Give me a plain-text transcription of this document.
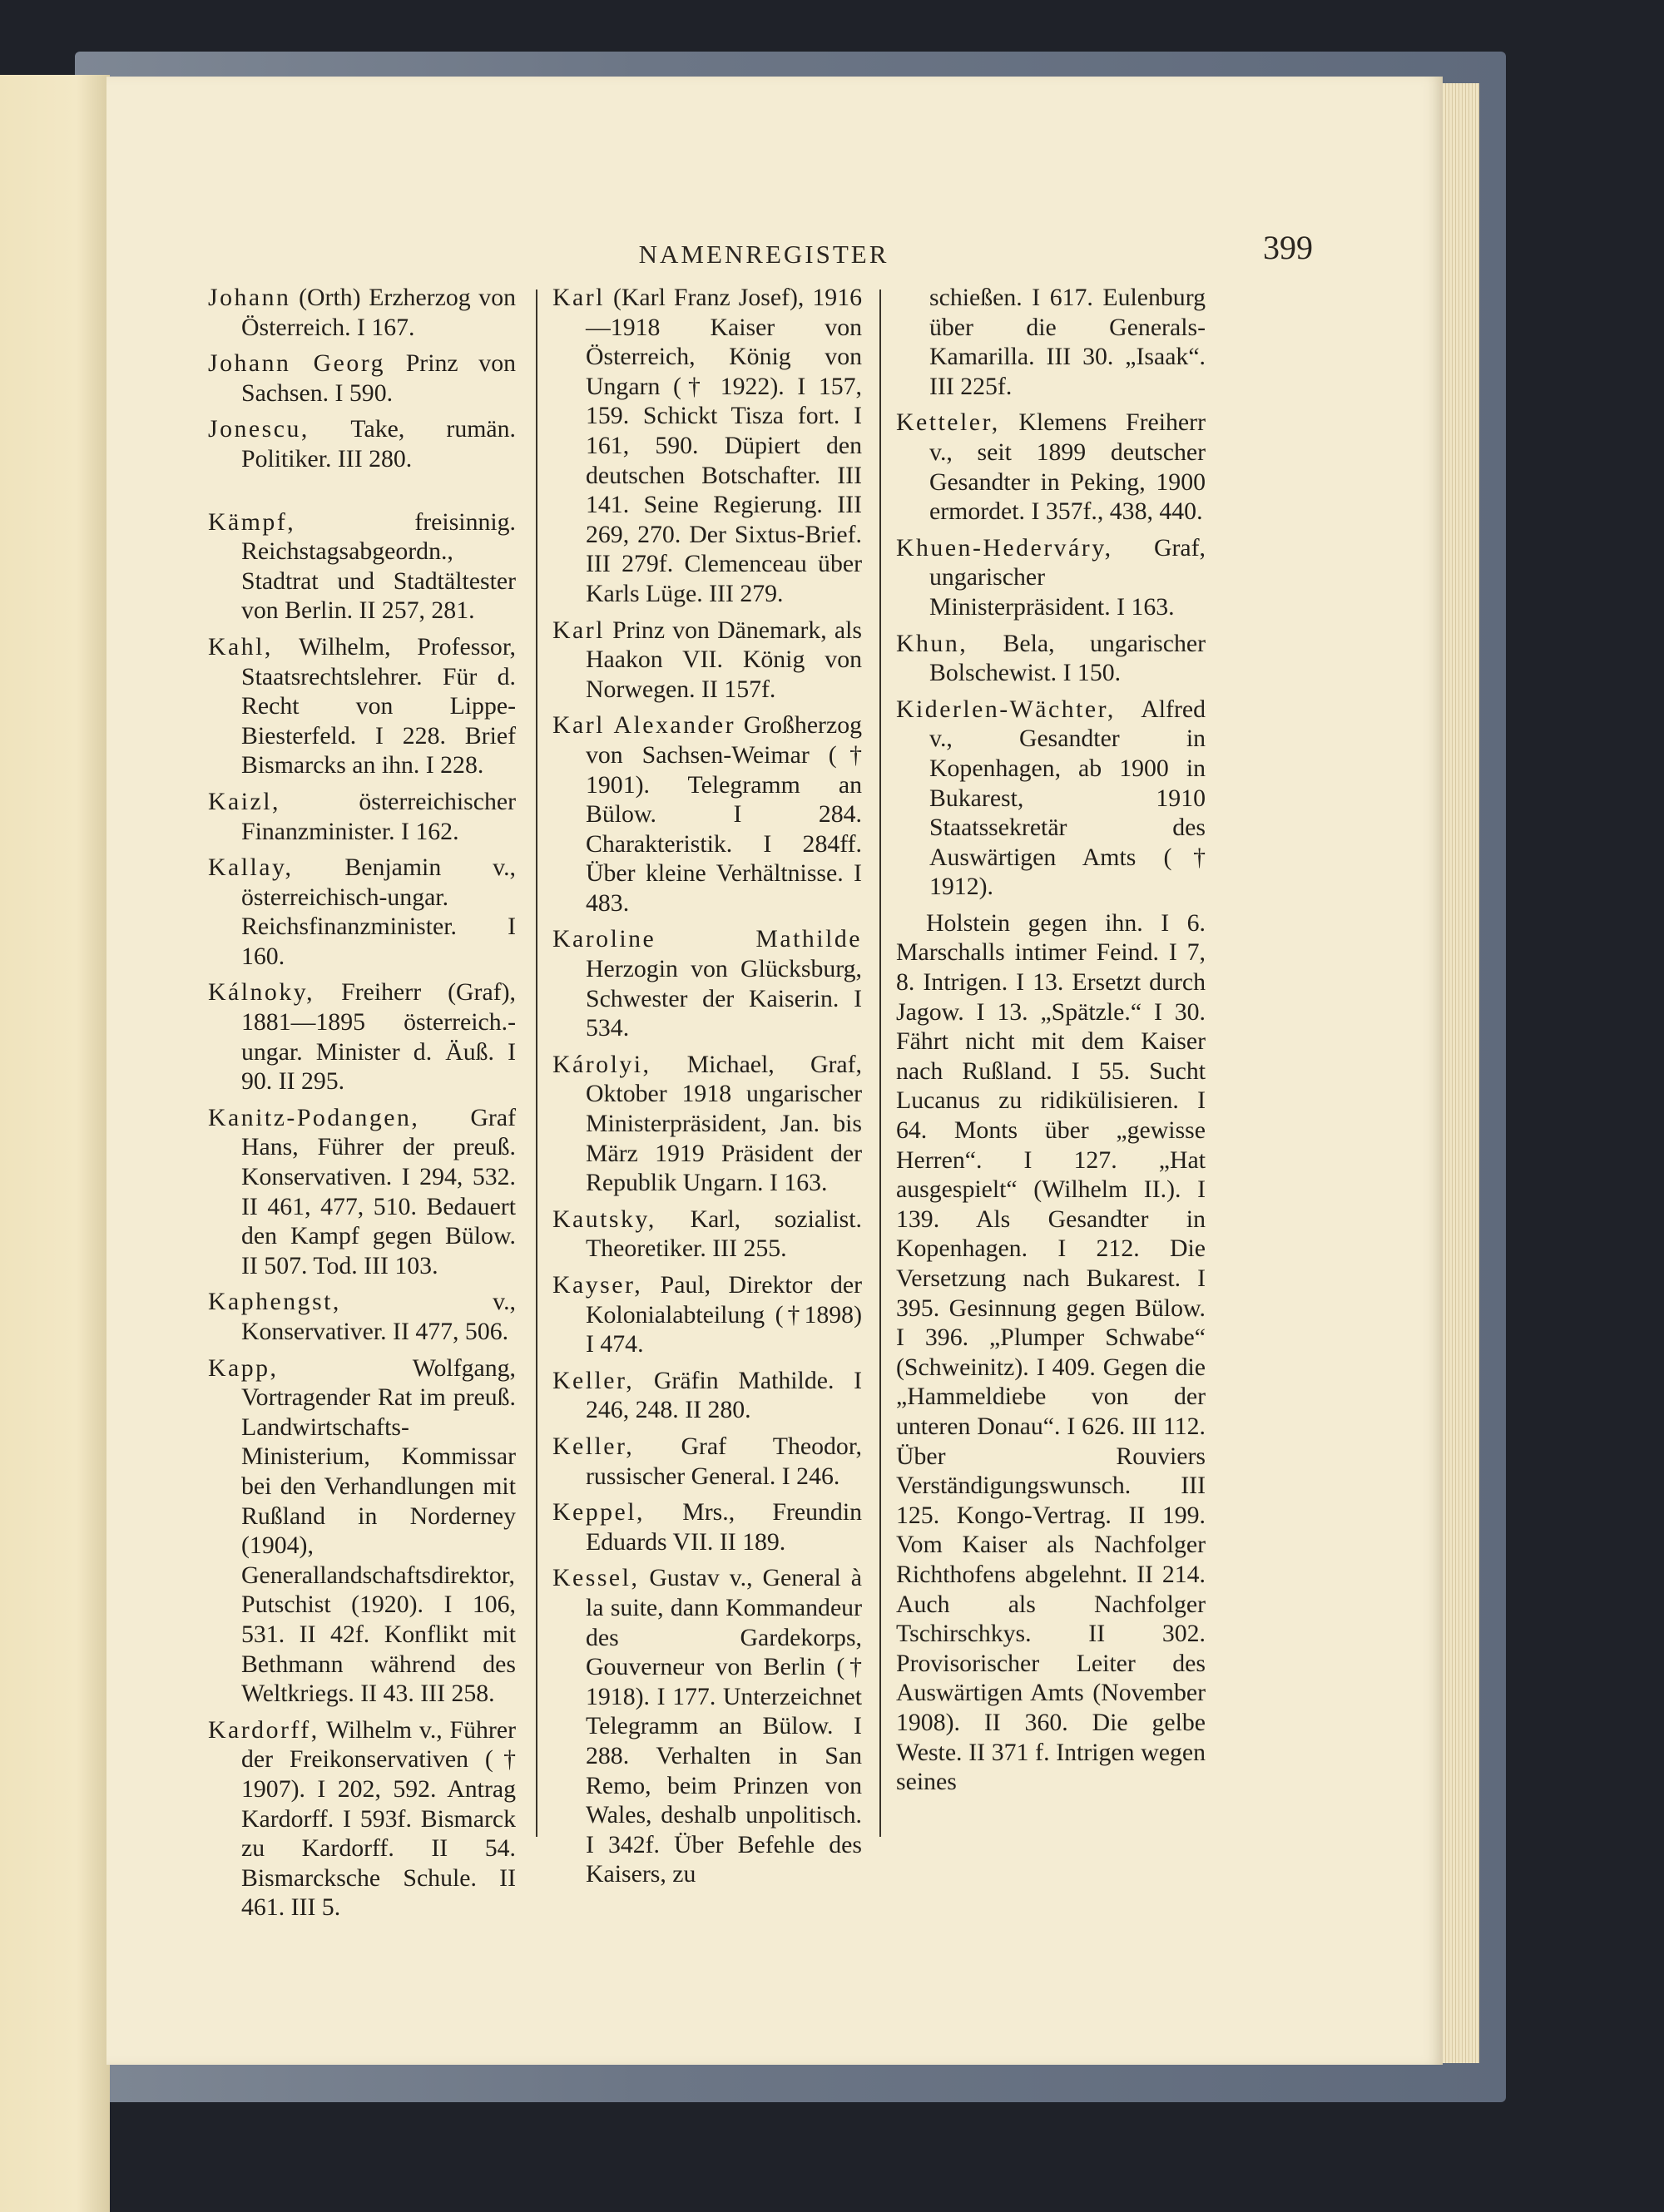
NAMENREGISTER	399

Johann (Orth) Erzherzog von Österreich. I 167.

Johann Georg Prinz von Sachsen. I 590.

Jonescu, Take, rumän. Politiker. III 280.

Kämpf, freisinnig. Reichstagsabgeordn., Stadtrat und Stadtältester von Berlin. II 257, 281.

Kahl, Wilhelm, Professor, Staatsrechtslehrer. Für d. Recht von Lippe-Biesterfeld. I 228. Brief Bismarcks an ihn. I 228.

Kaizl, österreichischer Finanzminister. I 162.

Kallay, Benjamin v., österreichisch-ungar. Reichsfinanzminister. I 160.

Kálnoky, Freiherr (Graf), 1881—1895 österreich.-ungar. Minister d. Äuß. I 90. II 295.

Kanitz-Podangen, Graf Hans, Führer der preuß. Konservativen. I 294, 532. II 461, 477, 510. Bedauert den Kampf gegen Bülow. II 507. Tod. III 103.

Kaphengst, v., Konservativer. II 477, 506.

Kapp, Wolfgang, Vortragender Rat im preuß. Landwirtschafts-Ministerium, Kommissar bei den Verhandlungen mit Rußland in Norderney (1904), Generallandschaftsdirektor, Putschist (1920). I 106, 531. II 42f. Konflikt mit Bethmann während des Weltkriegs. II 43. III 258.

Kardorff, Wilhelm v., Führer der Freikonservativen († 1907). I 202, 592. Antrag Kardorff. I 593f. Bismarck zu Kardorff. II 54. Bismarcksche Schule. II 461. III 5.

Karl (Karl Franz Josef), 1916—1918 Kaiser von Österreich, König von Ungarn († 1922). I 157, 159. Schickt Tisza fort. I 161, 590. Düpiert den deutschen Botschafter. III 141. Seine Regierung. III 269, 270. Der Sixtus-Brief. III 279f. Clemenceau über Karls Lüge. III 279.

Karl Prinz von Dänemark, als Haakon VII. König von Norwegen. II 157f.

Karl Alexander Großherzog von Sachsen-Weimar († 1901). Telegramm an Bülow. I 284. Charakteristik. I 284ff. Über kleine Verhältnisse. I 483.

Karoline Mathilde Herzogin von Glücksburg, Schwester der Kaiserin. I 534.

Károlyi, Michael, Graf, Oktober 1918 ungarischer Ministerpräsident, Jan. bis März 1919 Präsident der Republik Ungarn. I 163.

Kautsky, Karl, sozialist. Theoretiker. III 255.

Kayser, Paul, Direktor der Kolonialabteilung (†1898) I 474.

Keller, Gräfin Mathilde. I 246, 248. II 280.

Keller, Graf Theodor, russischer General. I 246.

Keppel, Mrs., Freundin Eduards VII. II 189.

Kessel, Gustav v., General à la suite, dann Kommandeur des Gardekorps, Gouverneur von Berlin († 1918). I 177. Unterzeichnet Telegramm an Bülow. I 288. Verhalten in San Remo, beim Prinzen von Wales, deshalb unpolitisch. I 342f. Über Befehle des Kaisers, zu

schießen. I 617. Eulenburg über die Generals-Kamarilla. III 30. „Isaak“. III 225f.

Ketteler, Klemens Freiherr v., seit 1899 deutscher Gesandter in Peking, 1900 ermordet. I 357f., 438, 440.

Khuen-Hederváry, Graf, ungarischer Ministerpräsident. I 163.

Khun, Bela, ungarischer Bolschewist. I 150.

Kiderlen-Wächter, Alfred v., Gesandter in Kopenhagen, ab 1900 in Bukarest, 1910 Staatssekretär des Auswärtigen Amts († 1912).

Holstein gegen ihn. I 6. Marschalls intimer Feind. I 7, 8. Intrigen. I 13. Ersetzt durch Jagow. I 13. „Spätzle.“ I 30. Fährt nicht mit dem Kaiser nach Rußland. I 55. Sucht Lucanus zu ridikülisieren. I 64. Monts über „gewisse Herren“. I 127. „Hat ausgespielt“ (Wilhelm II.). I 139. Als Gesandter in Kopenhagen. I 212. Die Versetzung nach Bukarest. I 395. Gesinnung gegen Bülow. I 396. „Plumper Schwabe“ (Schweinitz). I 409. Gegen die „Hammeldiebe von der unteren Donau“. I 626. III 112. Über Rouviers Verständigungswunsch. III 125. Kongo-Vertrag. II 199. Vom Kaiser als Nachfolger Richthofens abgelehnt. II 214. Auch als Nachfolger Tschirschkys. II 302. Provisorischer Leiter des Auswärtigen Amts (November 1908). II 360. Die gelbe Weste. II 371 f. Intrigen wegen seines
